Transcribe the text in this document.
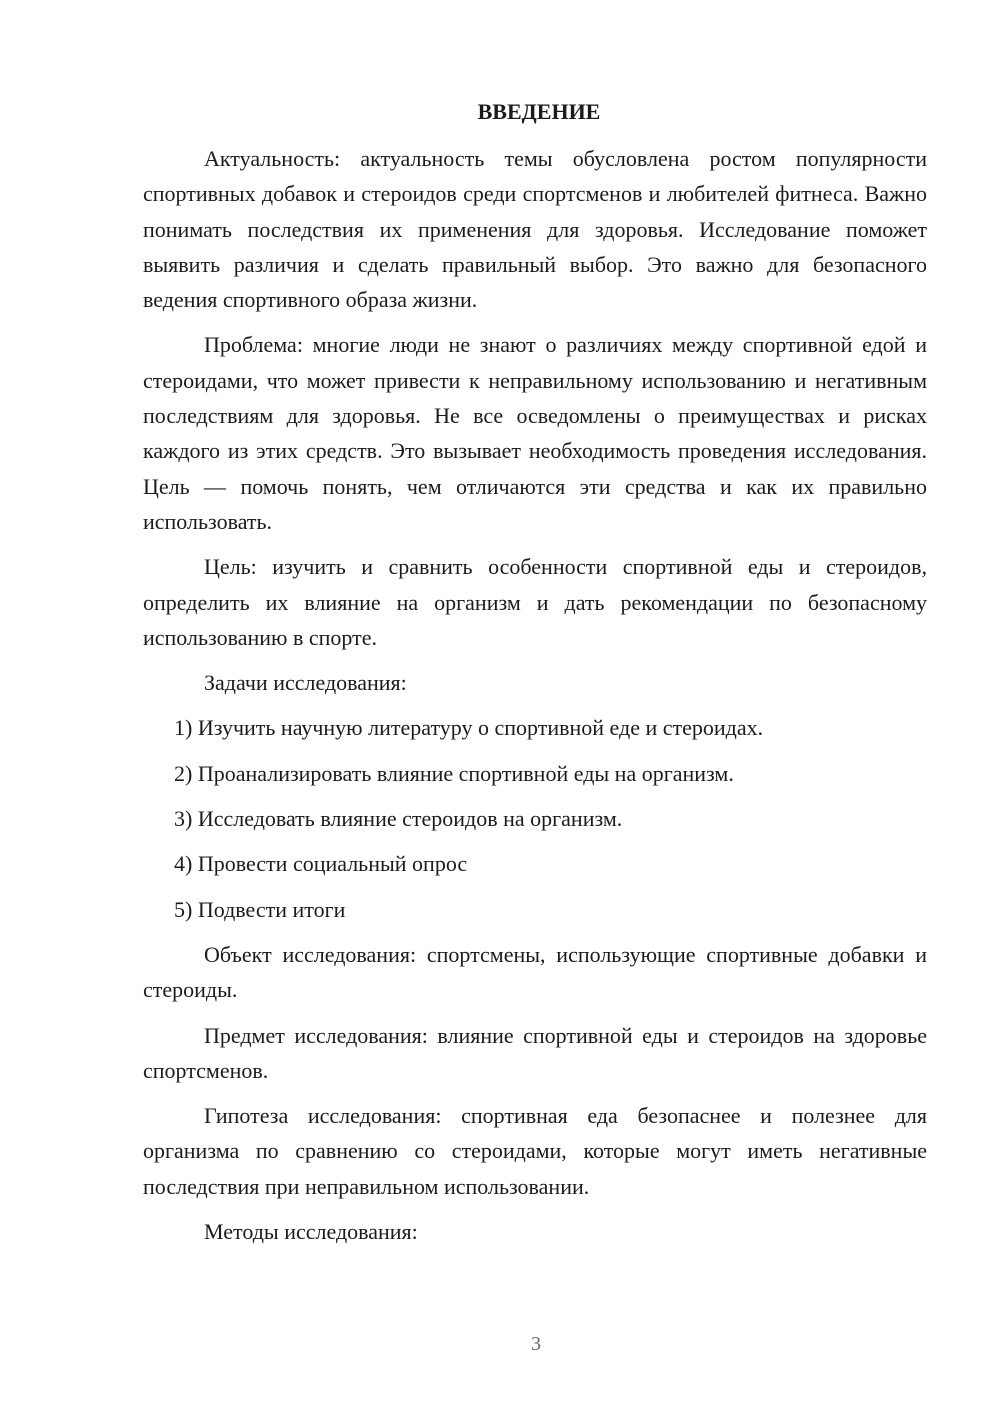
ВВЕДЕНИЕ

Актуальность: актуальность темы обусловлена ростом популярности спортивных добавок и стероидов среди спортсменов и любителей фитнеса. Важно понимать последствия их применения для здоровья. Исследование поможет выявить различия и сделать правильный выбор. Это важно для безопасного ведения спортивного образа жизни.

Проблема: многие люди не знают о различиях между спортивной едой и стероидами, что может привести к неправильному использованию и негативным последствиям для здоровья. Не все осведомлены о преимуществах и рисках каждого из этих средств. Это вызывает необходимость проведения исследования. Цель — помочь понять, чем отличаются эти средства и как их правильно использовать.

Цель: изучить и сравнить особенности спортивной еды и стероидов, определить их влияние на организм и дать рекомендации по безопасному использованию в спорте.

Задачи исследования:

1) Изучить научную литературу о спортивной еде и стероидах.
2) Проанализировать влияние спортивной еды на организм.
3) Исследовать влияние стероидов на организм.
4) Провести социальный опрос
5) Подвести итоги

Объект исследования: спортсмены, использующие спортивные добавки и стероиды.

Предмет исследования: влияние спортивной еды и стероидов на здоровье спортсменов.

Гипотеза исследования: спортивная еда безопаснее и полезнее для организма по сравнению со стероидами, которые могут иметь негативные последствия при неправильном использовании.

Методы исследования:

3
